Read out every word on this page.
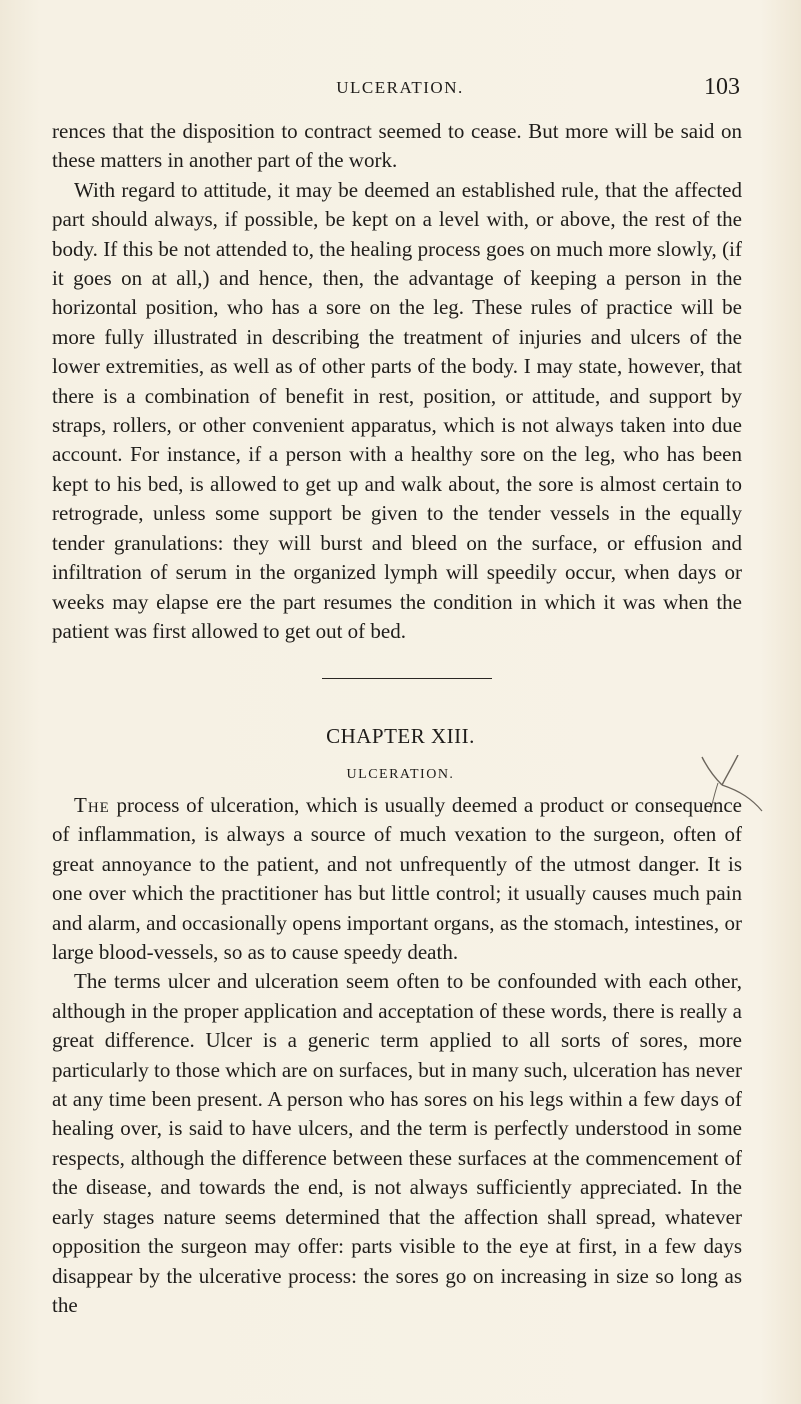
ULCERATION.	103

rences that the disposition to contract seemed to cease. But more will be said on these matters in another part of the work.

With regard to attitude, it may be deemed an established rule, that the affected part should always, if possible, be kept on a level with, or above, the rest of the body. If this be not attended to, the healing process goes on much more slowly, (if it goes on at all,) and hence, then, the advantage of keeping a person in the horizontal position, who has a sore on the leg. These rules of practice will be more fully illustrated in describing the treatment of injuries and ulcers of the lower extremities, as well as of other parts of the body. I may state, however, that there is a combination of benefit in rest, position, or attitude, and support by straps, rollers, or other convenient apparatus, which is not always taken into due account. For instance, if a person with a healthy sore on the leg, who has been kept to his bed, is allowed to get up and walk about, the sore is almost certain to retrograde, unless some support be given to the tender vessels in the equally tender granulations: they will burst and bleed on the surface, or effusion and infiltration of serum in the organized lymph will speedily occur, when days or weeks may elapse ere the part resumes the condition in which it was when the patient was first allowed to get out of bed.

CHAPTER XIII.
ULCERATION.

The process of ulceration, which is usually deemed a product or consequence of inflammation, is always a source of much vexation to the surgeon, often of great annoyance to the patient, and not unfrequently of the utmost danger. It is one over which the practitioner has but little control; it usually causes much pain and alarm, and occasionally opens important organs, as the stomach, intestines, or large blood-vessels, so as to cause speedy death.

The terms ulcer and ulceration seem often to be confounded with each other, although in the proper application and acceptation of these words, there is really a great difference. Ulcer is a generic term applied to all sorts of sores, more particularly to those which are on surfaces, but in many such, ulceration has never at any time been present. A person who has sores on his legs within a few days of healing over, is said to have ulcers, and the term is perfectly understood in some respects, although the difference between these surfaces at the commencement of the disease, and towards the end, is not always sufficiently appreciated. In the early stages nature seems determined that the affection shall spread, whatever opposition the surgeon may offer: parts visible to the eye at first, in a few days disappear by the ulcerative process: the sores go on increasing in size so long as the
